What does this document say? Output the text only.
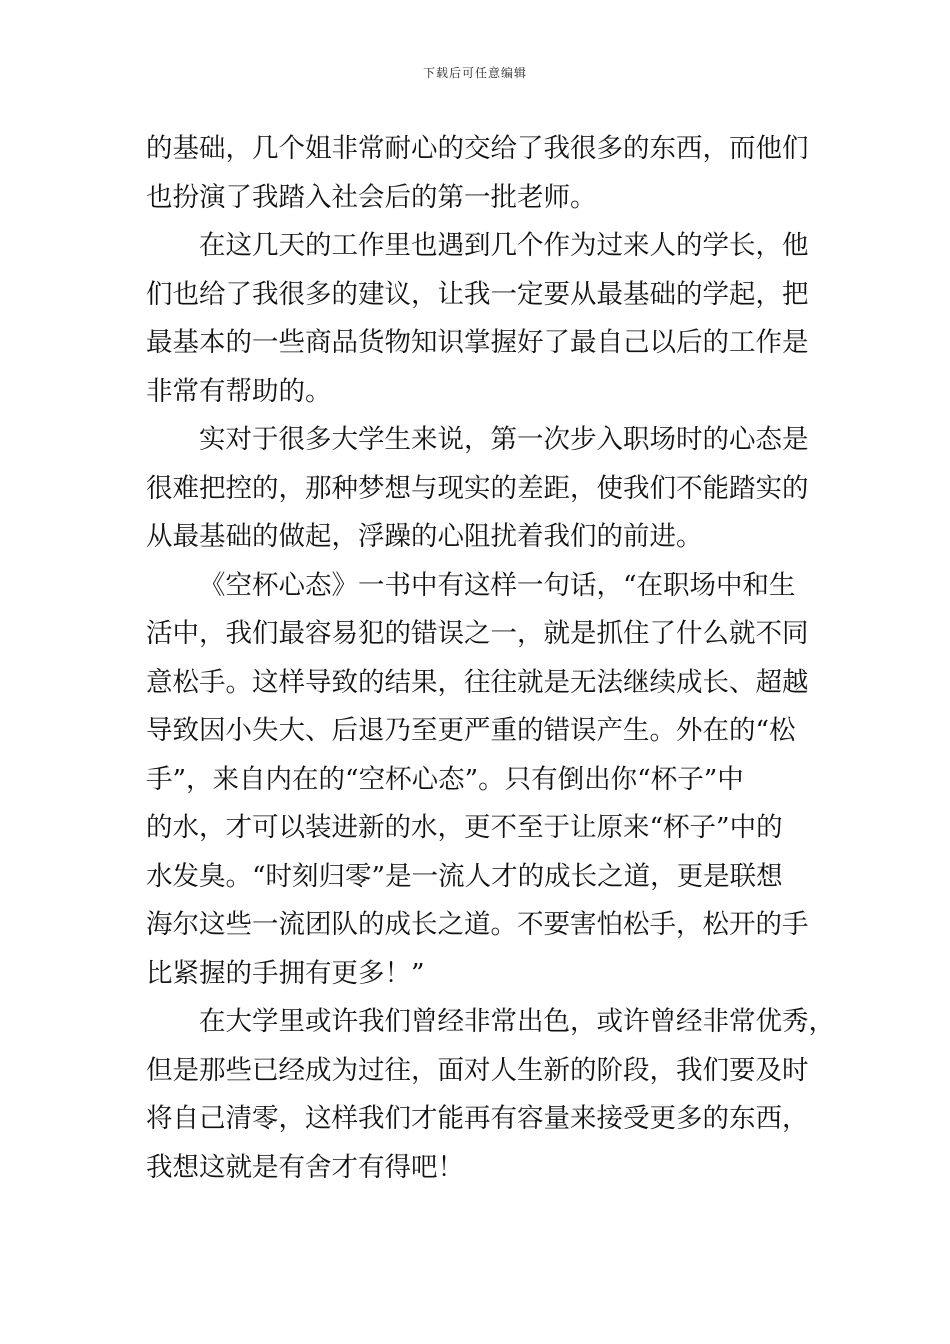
下载后可任意编辑

的基础，几个姐非常耐心的交给了我很多的东西，而他们
也扮演了我踏入社会后的第一批老师。

在这几天的工作里也遇到几个作为过来人的学长，他
们也给了我很多的建议，让我一定要从最基础的学起，把
最基本的一些商品货物知识掌握好了最自己以后的工作是
非常有帮助的。

实对于很多大学生来说，第一次步入职场时的心态是
很难把控的，那种梦想与现实的差距，使我们不能踏实的
从最基础的做起，浮躁的心阻扰着我们的前进。

《空杯心态》一书中有这样一句话，“在职场中和生
活中，我们最容易犯的错误之一，就是抓住了什么就不同
意松手。这样导致的结果，往往就是无法继续成长、超越
导致因小失大、后退乃至更严重的错误产生。外在的“松
手”，来自内在的“空杯心态”。只有倒出你“杯子”中
的水，才可以装进新的水，更不至于让原来“杯子”中的
水发臭。“时刻归零”是一流人才的成长之道，更是联想
海尔这些一流团队的成长之道。不要害怕松手，松开的手
比紧握的手拥有更多！”

在大学里或许我们曾经非常出色，或许曾经非常优秀，
但是那些已经成为过往，面对人生新的阶段，我们要及时
将自己清零，这样我们才能再有容量来接受更多的东西，
我想这就是有舍才有得吧！
